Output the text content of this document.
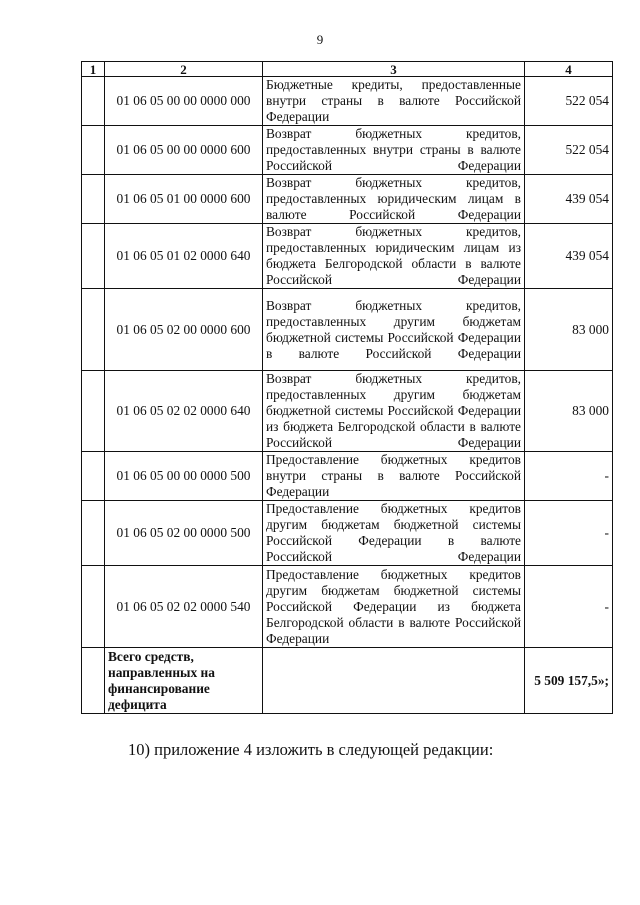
9
1	2	3	4
	01 06 05 00 00 0000 000	Бюджетные кредиты, предоставленные внутри страны в валюте Российской Федерации	522 054
	01 06 05 00 00 0000 600	Возврат бюджетных кредитов, предоставленных внутри страны в валюте Российской Федерации	522 054
	01 06 05 01 00 0000 600	Возврат бюджетных кредитов, предоставленных юридическим лицам в валюте Российской Федерации	439 054
	01 06 05 01 02 0000 640	Возврат бюджетных кредитов, предоставленных юридическим лицам из бюджета Белгородской области в валюте Российской Федерации	439 054
	01 06 05 02 00 0000 600	Возврат бюджетных кредитов, предоставленных другим бюджетам бюджетной системы Российской Федерации в валюте Российской Федерации	83 000
	01 06 05 02 02 0000 640	Возврат бюджетных кредитов, предоставленных другим бюджетам бюджетной системы Российской Федерации из бюджета Белгородской области в валюте Российской Федерации	83 000
	01 06 05 00 00 0000 500	Предоставление бюджетных кредитов внутри страны в валюте Российской Федерации	-
	01 06 05 02 00 0000 500	Предоставление бюджетных кредитов другим бюджетам бюджетной системы Российской Федерации в валюте Российской Федерации	-
	01 06 05 02 02 0000 540	Предоставление бюджетных кредитов другим бюджетам бюджетной системы Российской Федерации из бюджета Белгородской области в валюте Российской Федерации	-
	Всего средств, направленных на финансирование дефицита		5 509 157,5»;
10) приложение 4 изложить в следующей редакции:
